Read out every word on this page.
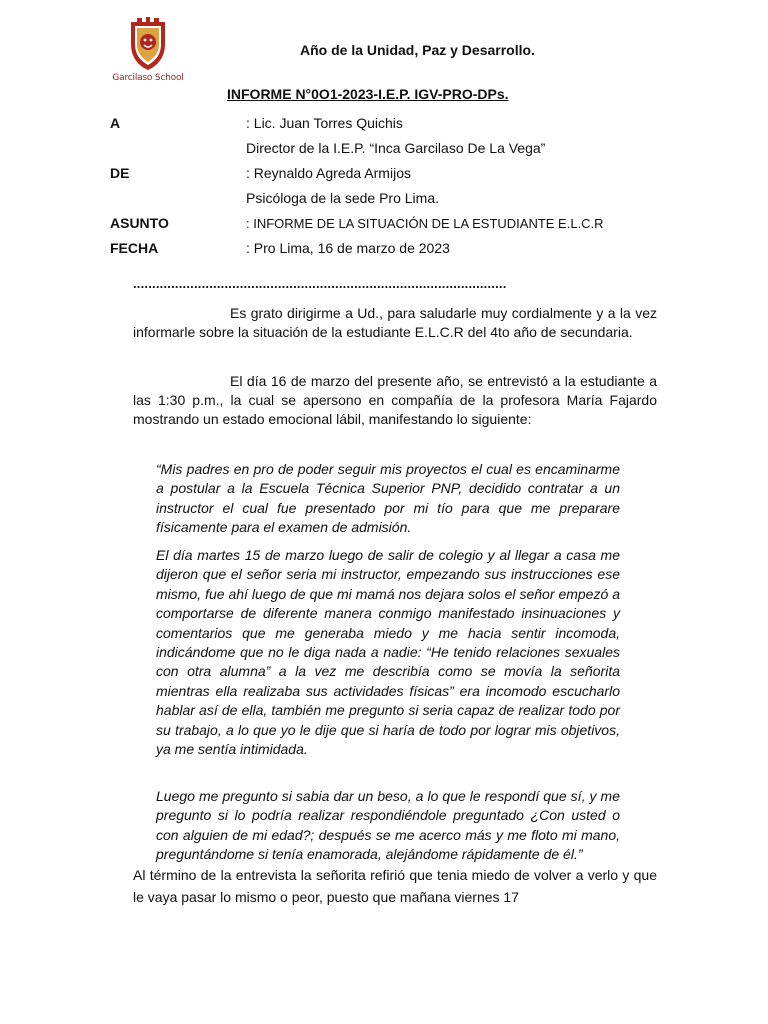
Garcilaso School
Año de la Unidad, Paz y Desarrollo.
INFORME N°0O1-2023-I.E.P. IGV-PRO-DPs.
A	: Lic. Juan Torres Quichis
Director de la I.E.P. “Inca Garcilaso De La Vega”
DE	: Reynaldo Agreda Armijos
Psicóloga de la sede Pro Lima.
ASUNTO	: INFORME DE LA SITUACIÓN DE LA ESTUDIANTE E.L.C.R
FECHA	: Pro Lima, 16 de marzo de 2023
..................................................................................................
Es grato dirigirme a Ud., para saludarle muy cordialmente y a la vez informarle sobre la situación de la estudiante E.L.C.R del 4to año de secundaria.
El día 16 de marzo del presente año, se entrevistó a la estudiante a las 1:30 p.m., la cual se apersono en compañía de la profesora María Fajardo mostrando un estado emocional lábil, manifestando lo siguiente:
“Mis padres en pro de poder seguir mis proyectos el cual es encaminarme a postular a la Escuela Técnica Superior PNP, decidido contratar a un instructor el cual fue presentado por mi tío para que me preparare físicamente para el examen de admisión.
El día martes 15 de marzo luego de salir de colegio y al llegar a casa me dijeron que el señor seria mi instructor, empezando sus instrucciones ese mismo, fue ahí luego de que mi mamá nos dejara solos el señor empezó a comportarse de diferente manera conmigo manifestado insinuaciones y comentarios que me generaba miedo y me hacia sentir incomoda, indicándome que no le diga nada a nadie: “He tenido relaciones sexuales con otra alumna” a la vez me describía como se movía la señorita mientras ella realizaba sus actividades físicas” era incomodo escucharlo hablar así de ella, también me pregunto si seria capaz de realizar todo por su trabajo, a lo que yo le dije que si haría de todo por lograr mis objetivos, ya me sentía intimidada.
Luego me pregunto si sabia dar un beso, a lo que le respondí que sí, y me pregunto si lo podría realizar respondiéndole preguntado ¿Con usted o con alguien de mi edad?; después se me acerco más y me floto mi mano, preguntándome si tenía enamorada, alejándome rápidamente de él.”
Al término de la entrevista la señorita refirió que tenia miedo de volver a verlo y que le vaya pasar lo mismo o peor, puesto que mañana viernes 17
